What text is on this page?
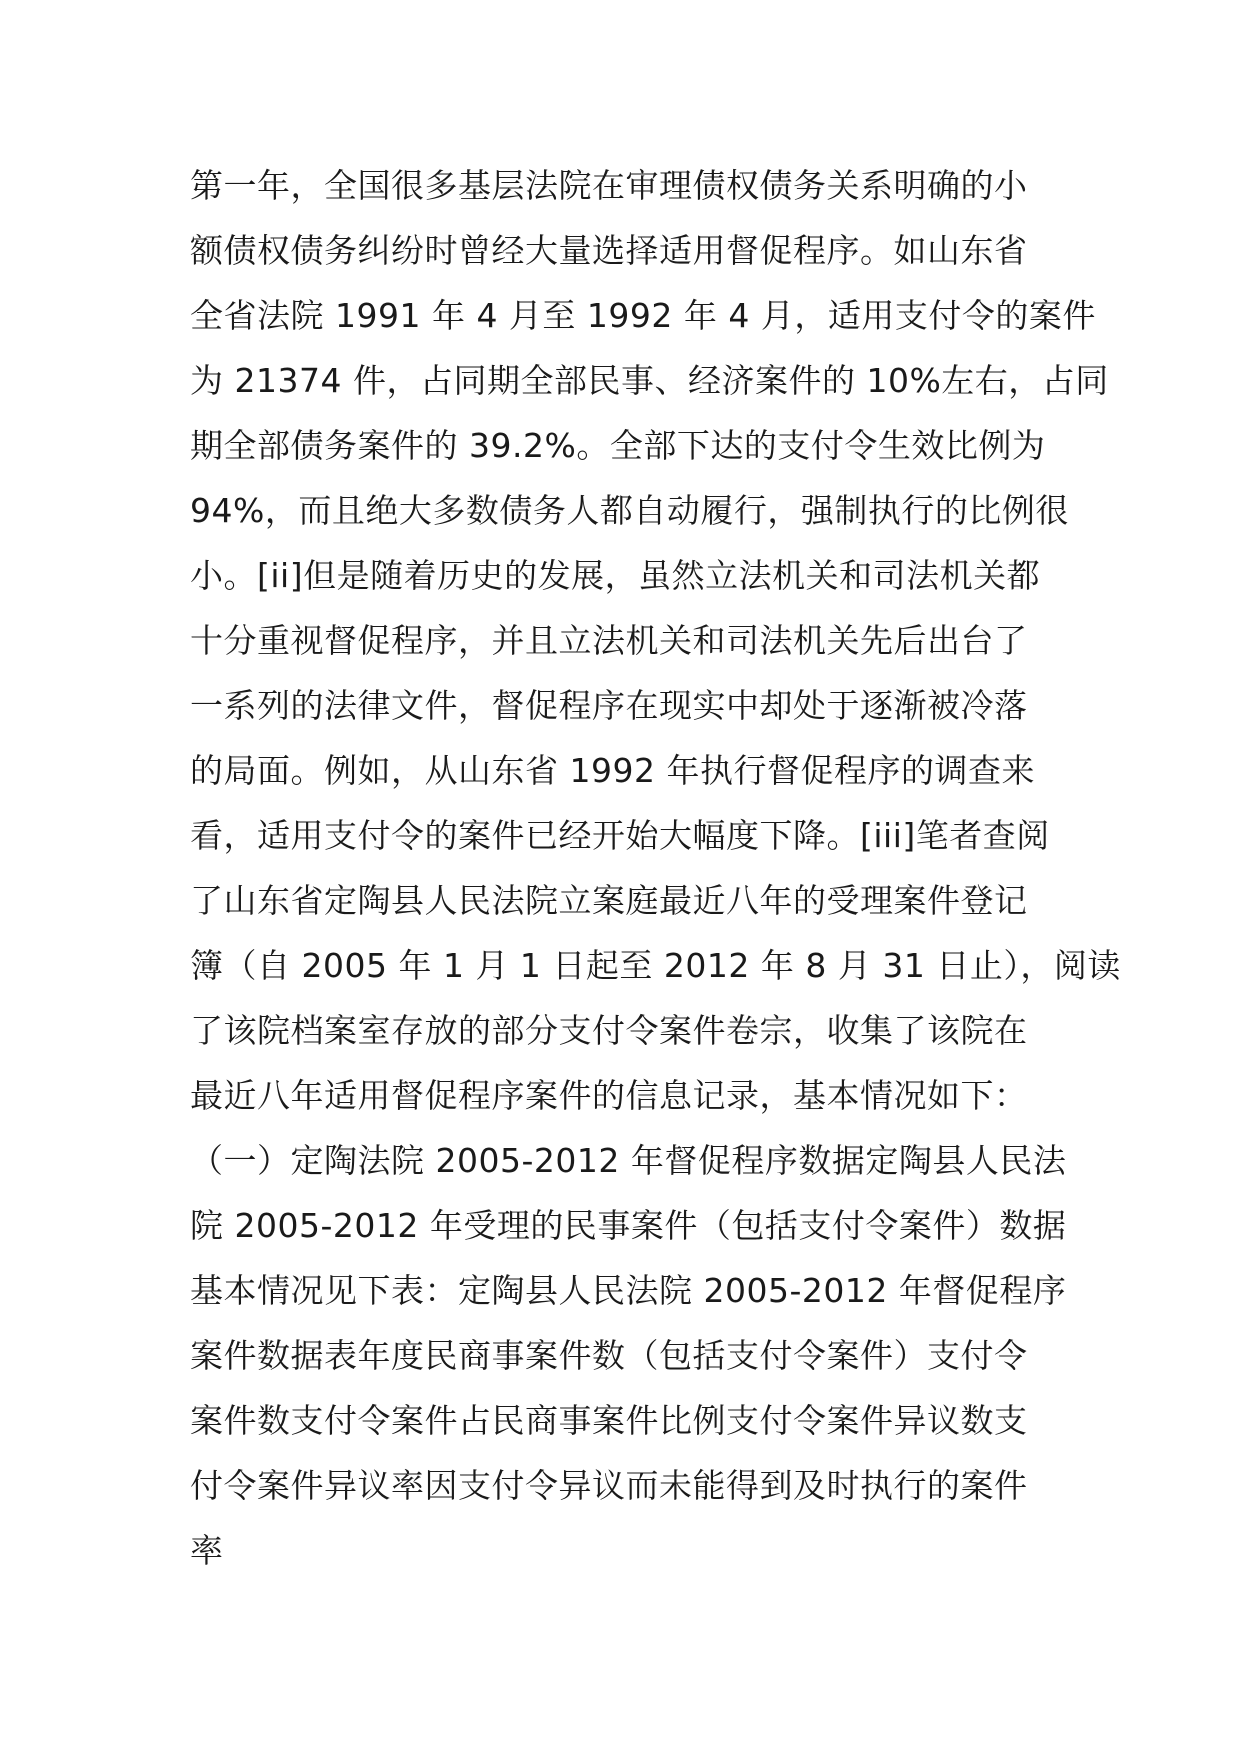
第一年，全国很多基层法院在审理债权债务关系明确的小
额债权债务纠纷时曾经大量选择适用督促程序。如山东省
全省法院 1991 年 4 月至 1992 年 4 月，适用支付令的案件
为 21374 件，占同期全部民事、经济案件的 10%左右，占同
期全部债务案件的 39.2%。全部下达的支付令生效比例为
94%，而且绝大多数债务人都自动履行，强制执行的比例很
小。[ii]但是随着历史的发展，虽然立法机关和司法机关都
十分重视督促程序，并且立法机关和司法机关先后出台了
一系列的法律文件，督促程序在现实中却处于逐渐被冷落
的局面。例如，从山东省 1992 年执行督促程序的调查来
看，适用支付令的案件已经开始大幅度下降。[iii]笔者查阅
了山东省定陶县人民法院立案庭最近八年的受理案件登记
簿（自 2005 年 1 月 1 日起至 2012 年 8 月 31 日止），阅读
了该院档案室存放的部分支付令案件卷宗，收集了该院在
最近八年适用督促程序案件的信息记录，基本情况如下：
（一）定陶法院 2005-2012 年督促程序数据定陶县人民法
院 2005-2012 年受理的民事案件（包括支付令案件）数据
基本情况见下表：定陶县人民法院 2005-2012 年督促程序
案件数据表年度民商事案件数（包括支付令案件）支付令
案件数支付令案件占民商事案件比例支付令案件异议数支
付令案件异议率因支付令异议而未能得到及时执行的案件
率
